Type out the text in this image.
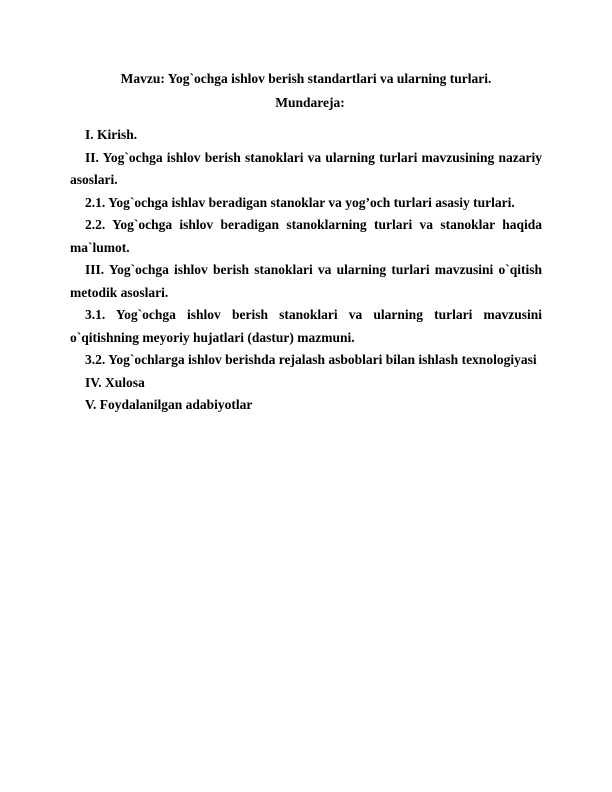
Mavzu: Yog`ochga ishlov berish standartlari va ularning turlari.
Mundareja:
I. Kirish.
II. Yog`ochga ishlov berish stanoklari va ularning turlari mavzusining nazariy asoslari.
2.1. Yog`ochga ishlav beradigan stanoklar va yog’och turlari asasiy turlari.
2.2. Yog`ochga ishlov beradigan stanoklarning turlari va stanoklar haqida ma`lumot.
III. Yog`ochga ishlov berish stanoklari va ularning turlari mavzusini o`qitish metodik asoslari.
3.1. Yog`ochga ishlov berish stanoklari va ularning turlari mavzusini o`qitishning meyoriy hujatlari (dastur) mazmuni.
3.2. Yog`ochlarga ishlov berishda rejalash asboblari bilan ishlash texnologiyasi
IV. Xulosa
V. Foydalanilgan adabiyotlar
